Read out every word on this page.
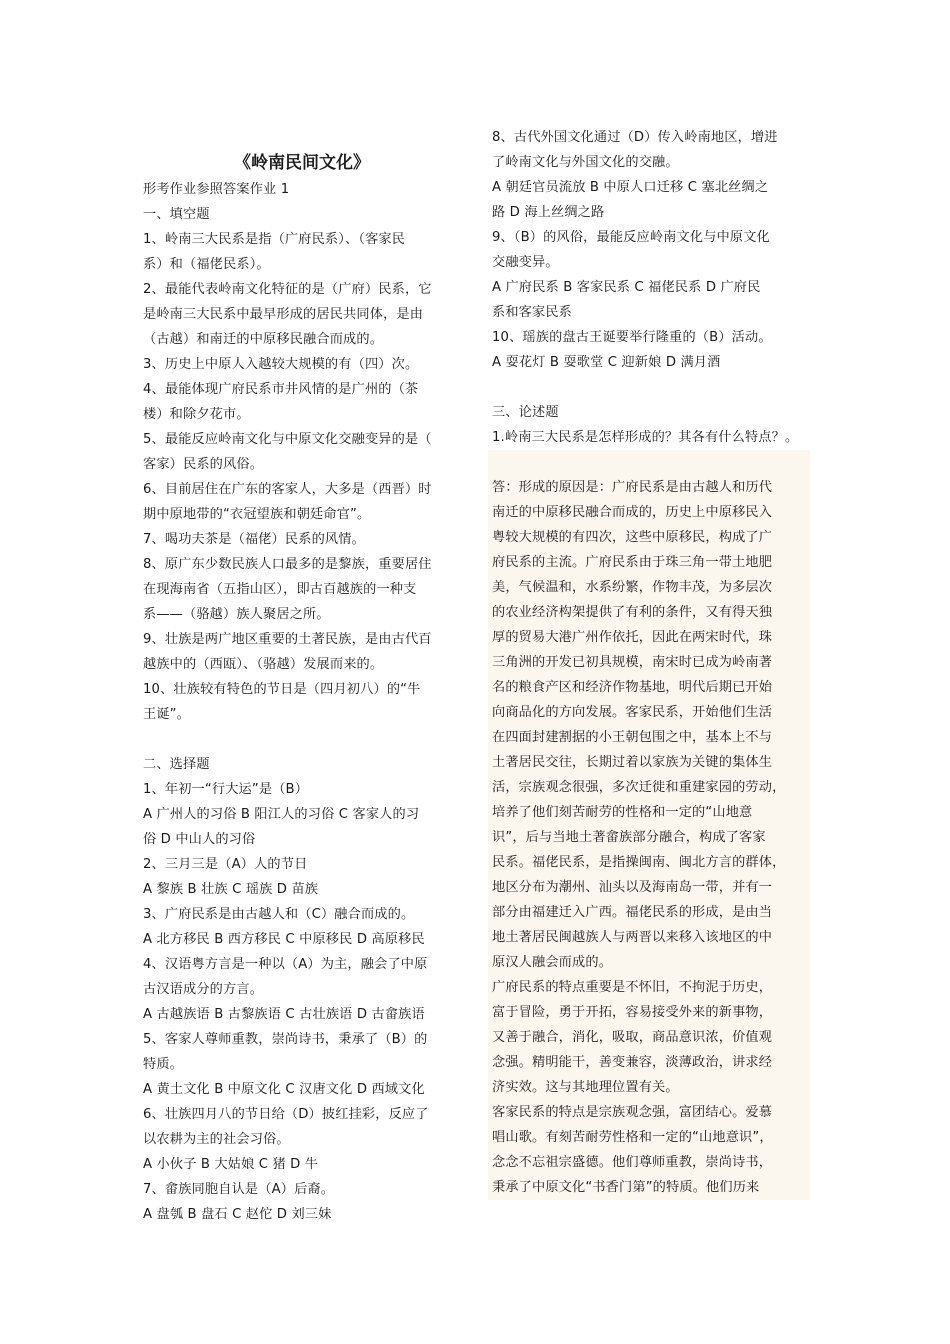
《岭南民间文化》
形考作业参照答案作业 1
一、填空题
1、岭南三大民系是指（广府民系）、（客家民
系）和（福佬民系）。
2、最能代表岭南文化特征的是（广府）民系，它
是岭南三大民系中最早形成的居民共同体，是由
（古越）和南迁的中原移民融合而成的。
3、历史上中原人入越较大规模的有（四）次。
4、最能体现广府民系市井风情的是广州的（茶
楼）和除夕花市。
5、最能反应岭南文化与中原文化交融变异的是（
客家）民系的风俗。
6、目前居住在广东的客家人，大多是（西晋）时
期中原地带的“衣冠望族和朝廷命官”。
7、喝功夫茶是（福佬）民系的风情。
8、原广东少数民族人口最多的是黎族，重要居住
在现海南省（五指山区），即古百越族的一种支
系——（骆越）族人聚居之所。
9、壮族是两广地区重要的土著民族，是由古代百
越族中的（西瓯）、（骆越）发展而来的。
10、壮族较有特色的节日是（四月初八）的“牛
王诞”。
二、选择题
1、年初一“行大运”是（B）
A 广州人的习俗 B 阳江人的习俗 C 客家人的习
俗 D 中山人的习俗
2、三月三是（A）人的节日
A 黎族 B 壮族 C 瑶族 D 苗族
3、广府民系是由古越人和（C）融合而成的。
A 北方移民 B 西方移民 C 中原移民 D 高原移民
4、汉语粤方言是一种以（A）为主，融会了中原
古汉语成分的方言。
A 古越族语 B 古黎族语 C 古壮族语 D 古畲族语
5、客家人尊师重教，崇尚诗书，秉承了（B）的
特质。
A 黄土文化 B 中原文化 C 汉唐文化 D 西域文化
6、壮族四月八的节日给（D）披红挂彩，反应了
以农耕为主的社会习俗。
A 小伙子 B 大姑娘 C 猪 D 牛
7、畲族同胞自认是（A）后裔。
A 盘瓠 B 盘石 C 赵佗 D 刘三妹
8、古代外国文化通过（D）传入岭南地区，增进
了岭南文化与外国文化的交融。
A 朝廷官员流放 B 中原人口迁移 C 塞北丝绸之
路 D 海上丝绸之路
9、（B）的风俗，最能反应岭南文化与中原文化
交融变异。
A 广府民系 B 客家民系 C 福佬民系 D 广府民
系和客家民系
10、瑶族的盘古王诞要举行隆重的（B）活动。
A 耍花灯 B 耍歌堂 C 迎新娘 D 满月酒
三、论述题
1.岭南三大民系是怎样形成的？其各有什么特点？。
答：形成的原因是：广府民系是由古越人和历代
南迁的中原移民融合而成的，历史上中原移民入
粤较大规模的有四次，这些中原移民，构成了广
府民系的主流。广府民系由于珠三角一带土地肥
美，气候温和，水系纷繁，作物丰茂，为多层次
的农业经济构架提供了有利的条件，又有得天独
厚的贸易大港广州作依托，因此在两宋时代，珠
三角洲的开发已初具规模，南宋时已成为岭南著
名的粮食产区和经济作物基地，明代后期已开始
向商品化的方向发展。客家民系，开始他们生活
在四面封建割据的小王朝包围之中，基本上不与
土著居民交往，长期过着以家族为关键的集体生
活，宗族观念很强，多次迁徙和重建家园的劳动，
培养了他们刻苦耐劳的性格和一定的“山地意
识”，后与当地土著畲族部分融合，构成了客家
民系。福佬民系，是指操闽南、闽北方言的群体，
地区分布为潮州、汕头以及海南岛一带，并有一
部分由福建迁入广西。福佬民系的形成，是由当
地土著居民闽越族人与两晋以来移入该地区的中
原汉人融会而成的。
广府民系的特点重要是不怀旧，不拘泥于历史，
富于冒险，勇于开拓，容易接受外来的新事物，
又善于融合，消化，吸取，商品意识浓，价值观
念强。精明能干，善变兼容，淡薄政治，讲求经
济实效。这与其地理位置有关。
客家民系的特点是宗族观念强，富团结心。爱慕
唱山歌。有刻苦耐劳性格和一定的“山地意识”，
念念不忘祖宗盛德。他们尊师重教，崇尚诗书，
秉承了中原文化“书香门第”的特质。他们历来
